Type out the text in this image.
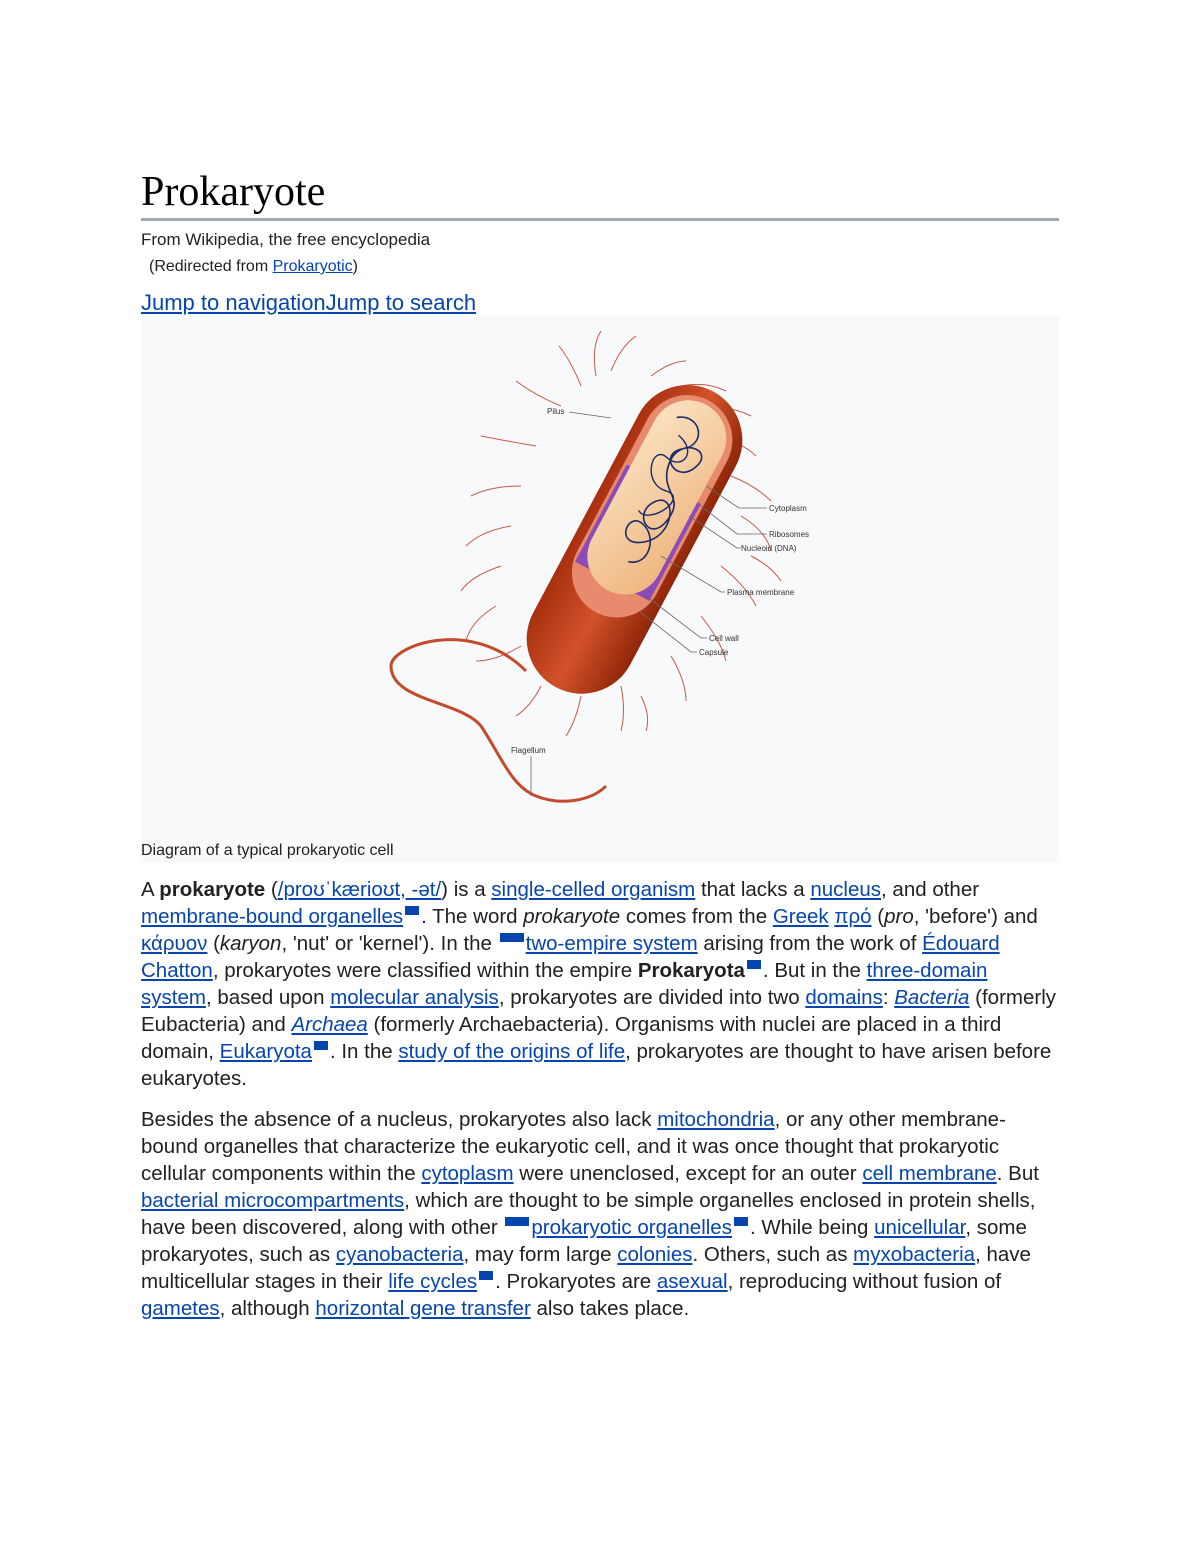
Prokaryote
From Wikipedia, the free encyclopedia
(Redirected from Prokaryotic)
Jump to navigationJump to search
Pilus
Cytoplasm
Ribosomes
Nucleoid (DNA)
Plasma membrane
Cell wall
Capsule
Flagellum
Diagram of a typical prokaryotic cell

A prokaryote (/proʊˈkærioʊt, -ət/) is a single-celled organism that lacks a nucleus, and other membrane-bound organelles . The word prokaryote comes from the Greek πρό (pro, 'before') and κάρυον (karyon, 'nut' or 'kernel'). In the two-empire system arising from the work of Édouard Chatton, prokaryotes were classified within the empire Prokaryota . But in the three-domain system, based upon molecular analysis, prokaryotes are divided into two domains: Bacteria (formerly Eubacteria) and Archaea (formerly Archaebacteria). Organisms with nuclei are placed in a third domain, Eukaryota . In the study of the origins of life, prokaryotes are thought to have arisen before eukaryotes.

Besides the absence of a nucleus, prokaryotes also lack mitochondria, or any other membrane-bound organelles that characterize the eukaryotic cell, and it was once thought that prokaryotic cellular components within the cytoplasm were unenclosed, except for an outer cell membrane. But bacterial microcompartments, which are thought to be simple organelles enclosed in protein shells, have been discovered, along with other prokaryotic organelles . While being unicellular, some prokaryotes, such as cyanobacteria, may form large colonies. Others, such as myxobacteria, have multicellular stages in their life cycles . Prokaryotes are asexual, reproducing without fusion of gametes, although horizontal gene transfer also takes place.
